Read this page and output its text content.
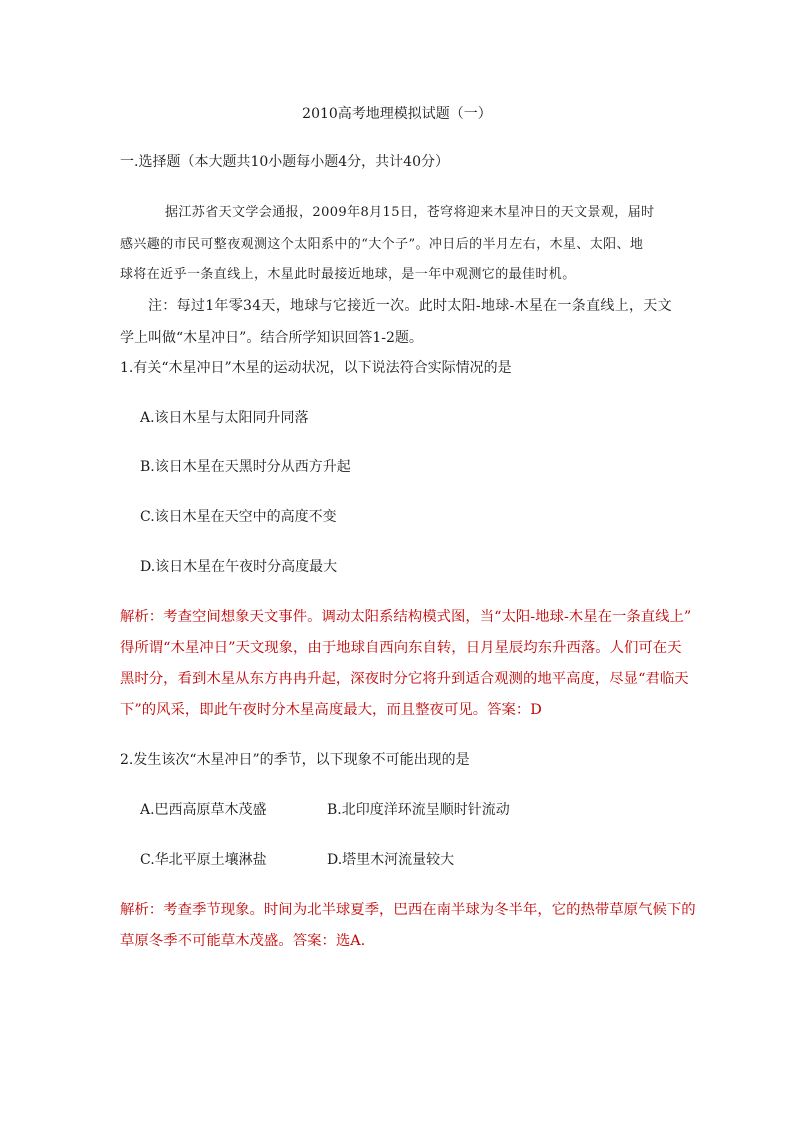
2010高考地理模拟试题（一）
一.选择题（本大题共10小题每小题4分，共计40分）
据江苏省天文学会通报，2009年8月15日，苍穹将迎来木星冲日的天文景观，届时
感兴趣的市民可整夜观测这个太阳系中的“大个子”。冲日后的半月左右，木星、太阳、地
球将在近乎一条直线上，木星此时最接近地球，是一年中观测它的最佳时机。
注：每过1年零34天，地球与它接近一次。此时太阳-地球-木星在一条直线上，天文
学上叫做“木星冲日”。结合所学知识回答1-2题。
1.有关“木星冲日”木星的运动状况，以下说法符合实际情况的是
A.该日木星与太阳同升同落
B.该日木星在天黑时分从西方升起
C.该日木星在天空中的高度不变
D.该日木星在午夜时分高度最大
解析：考查空间想象天文事件。调动太阳系结构模式图，当“太阳-地球-木星在一条直线上”
得所谓“木星冲日”天文现象，由于地球自西向东自转，日月星辰均东升西落。人们可在天
黑时分，看到木星从东方冉冉升起，深夜时分它将升到适合观测的地平高度，尽显“君临天
下”的风采，即此午夜时分木星高度最大，而且整夜可见。答案：D
2.发生该次“木星冲日”的季节，以下现象不可能出现的是
A.巴西高原草木茂盛	B.北印度洋环流呈顺时针流动
C.华北平原土壤淋盐	D.塔里木河流量较大
解析：考查季节现象。时间为北半球夏季，巴西在南半球为冬半年，它的热带草原气候下的
草原冬季不可能草木茂盛。答案：选A.
